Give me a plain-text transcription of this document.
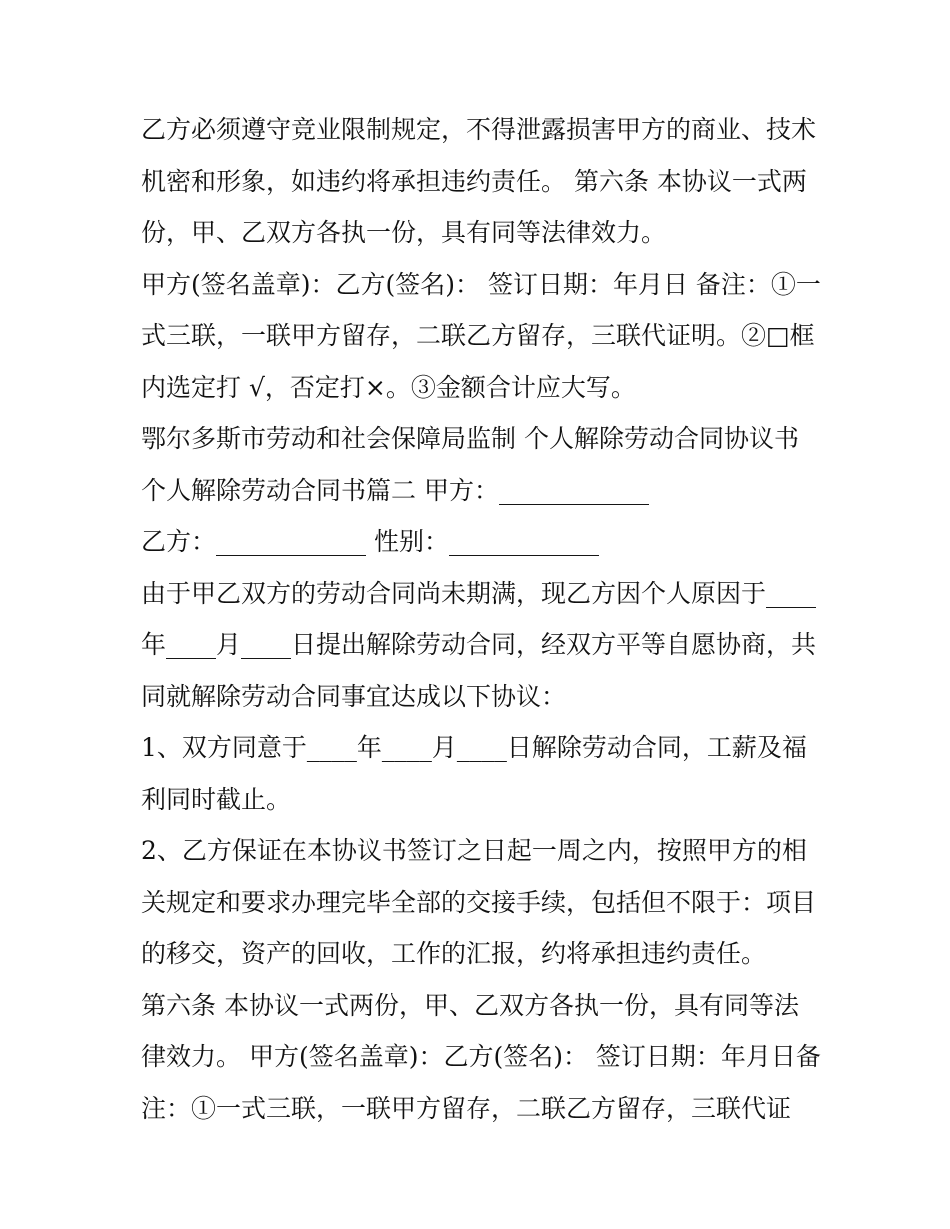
乙方必须遵守竞业限制规定，不得泄露损害甲方的商业、技术机密和形象，如违约将承担违约责任。 第六条 本协议一式两份，甲、乙双方各执一份，具有同等法律效力。

甲方(签名盖章)：乙方(签名)： 签订日期：年月日 备注：①一式三联，一联甲方留存，二联乙方留存，三联代证明。②□框内选定打 √，否定打×。③金额合计应大写。

鄂尔多斯市劳动和社会保障局监制 个人解除劳动合同协议书个人解除劳动合同书篇二 甲方：____________

乙方：____________ 性别：____________

由于甲乙双方的劳动合同尚未期满，现乙方因个人原因于____年____月____日提出解除劳动合同，经双方平等自愿协商，共同就解除劳动合同事宜达成以下协议：

1、双方同意于____年____月____日解除劳动合同，工薪及福利同时截止。

2、乙方保证在本协议书签订之日起一周之内，按照甲方的相关规定和要求办理完毕全部的交接手续，包括但不限于：项目的移交，资产的回收，工作的汇报，约将承担违约责任。

第六条 本协议一式两份，甲、乙双方各执一份，具有同等法律效力。 甲方(签名盖章)：乙方(签名)： 签订日期：年月日备注：①一式三联，一联甲方留存，二联乙方留存，三联代证
